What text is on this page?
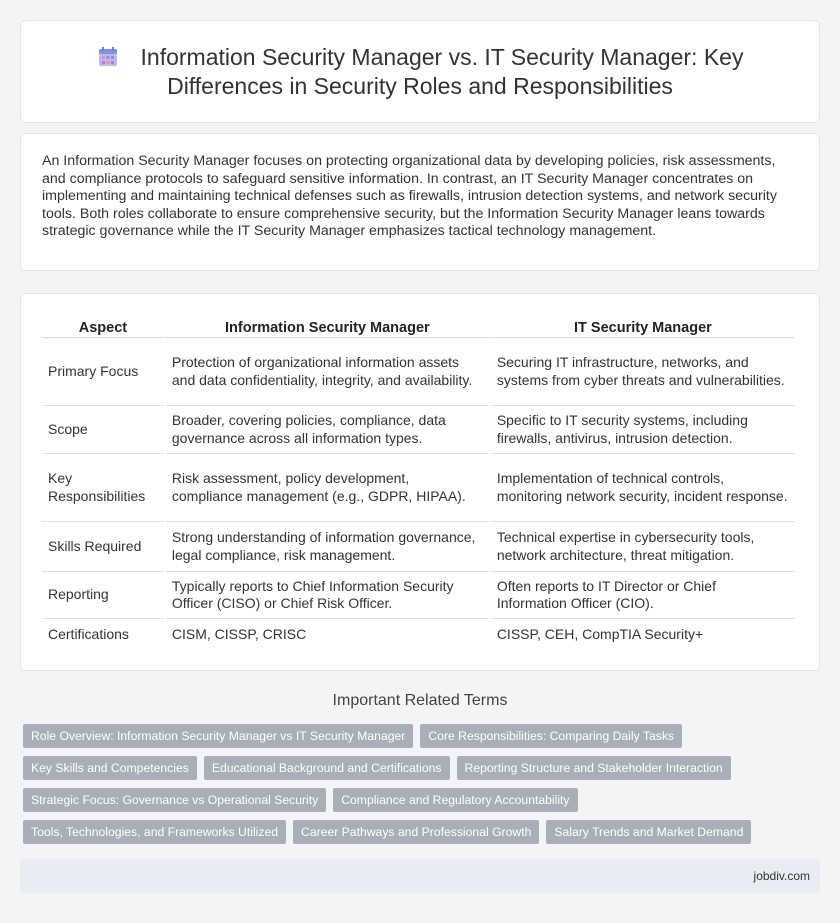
Information Security Manager vs. IT Security Manager: Key Differences in Security Roles and Responsibilities

An Information Security Manager focuses on protecting organizational data by developing policies, risk assessments, and compliance protocols to safeguard sensitive information. In contrast, an IT Security Manager concentrates on implementing and maintaining technical defenses such as firewalls, intrusion detection systems, and network security tools. Both roles collaborate to ensure comprehensive security, but the Information Security Manager leans towards strategic governance while the IT Security Manager emphasizes tactical technology management.

Aspect	Information Security Manager	IT Security Manager
Primary Focus	Protection of organizational information assets and data confidentiality, integrity, and availability.	Securing IT infrastructure, networks, and systems from cyber threats and vulnerabilities.
Scope	Broader, covering policies, compliance, data governance across all information types.	Specific to IT security systems, including firewalls, antivirus, intrusion detection.
Key Responsibilities	Risk assessment, policy development, compliance management (e.g., GDPR, HIPAA).	Implementation of technical controls, monitoring network security, incident response.
Skills Required	Strong understanding of information governance, legal compliance, risk management.	Technical expertise in cybersecurity tools, network architecture, threat mitigation.
Reporting	Typically reports to Chief Information Security Officer (CISO) or Chief Risk Officer.	Often reports to IT Director or Chief Information Officer (CIO).
Certifications	CISM, CISSP, CRISC	CISSP, CEH, CompTIA Security+
Important Related Terms
Role Overview: Information Security Manager vs IT Security Manager	Core Responsibilities: Comparing Daily Tasks
Key Skills and Competencies	Educational Background and Certifications	Reporting Structure and Stakeholder Interaction
Strategic Focus: Governance vs Operational Security	Compliance and Regulatory Accountability
Tools, Technologies, and Frameworks Utilized	Career Pathways and Professional Growth	Salary Trends and Market Demand
jobdiv.com
